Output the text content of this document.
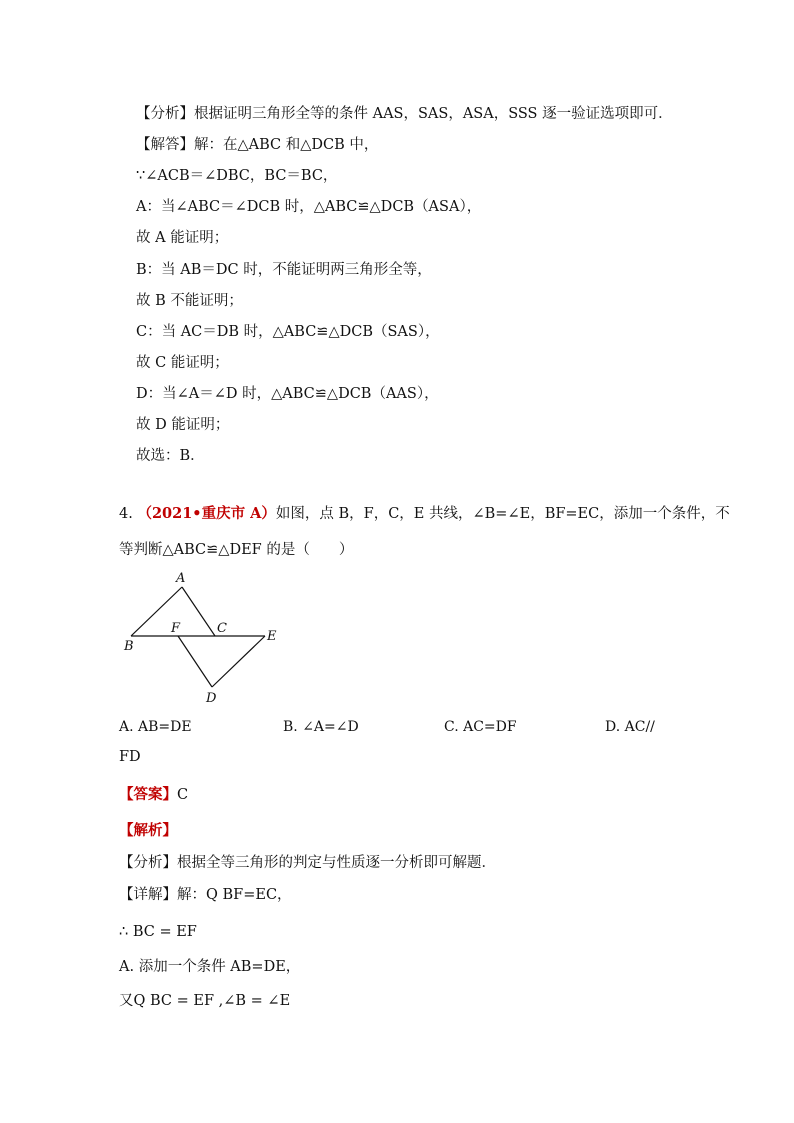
【分析】根据证明三角形全等的条件 AAS，SAS，ASA，SSS 逐一验证选项即可．
【解答】解：在△ABC 和△DCB 中，
∵∠ACB＝∠DBC，BC＝BC，
A：当∠ABC＝∠DCB 时，△ABC≌△DCB（ASA），
故 A 能证明；
B：当 AB＝DC 时，不能证明两三角形全等，
故 B 不能证明；
C：当 AC＝DB 时，△ABC≌△DCB（SAS），
故 C 能证明；
D：当∠A＝∠D 时，△ABC≌△DCB（AAS），
故 D 能证明；
故选：B．
4. （2021•重庆市 A）如图，点 B，F，C，E 共线，∠B=∠E，BF=EC，添加一个条件，不
等判断△ABC≌△DEF 的是（　　）
A
B
F	C
E
D
A. AB=DE	B. ∠A=∠D	C. AC=DF	D. AC//
FD
【答案】C
【解析】
【分析】根据全等三角形的判定与性质逐一分析即可解题．
【详解】解：Q BF=EC，
∴ BC = EF
A. 添加一个条件 AB=DE，
又Q BC = EF ,∠B = ∠E
